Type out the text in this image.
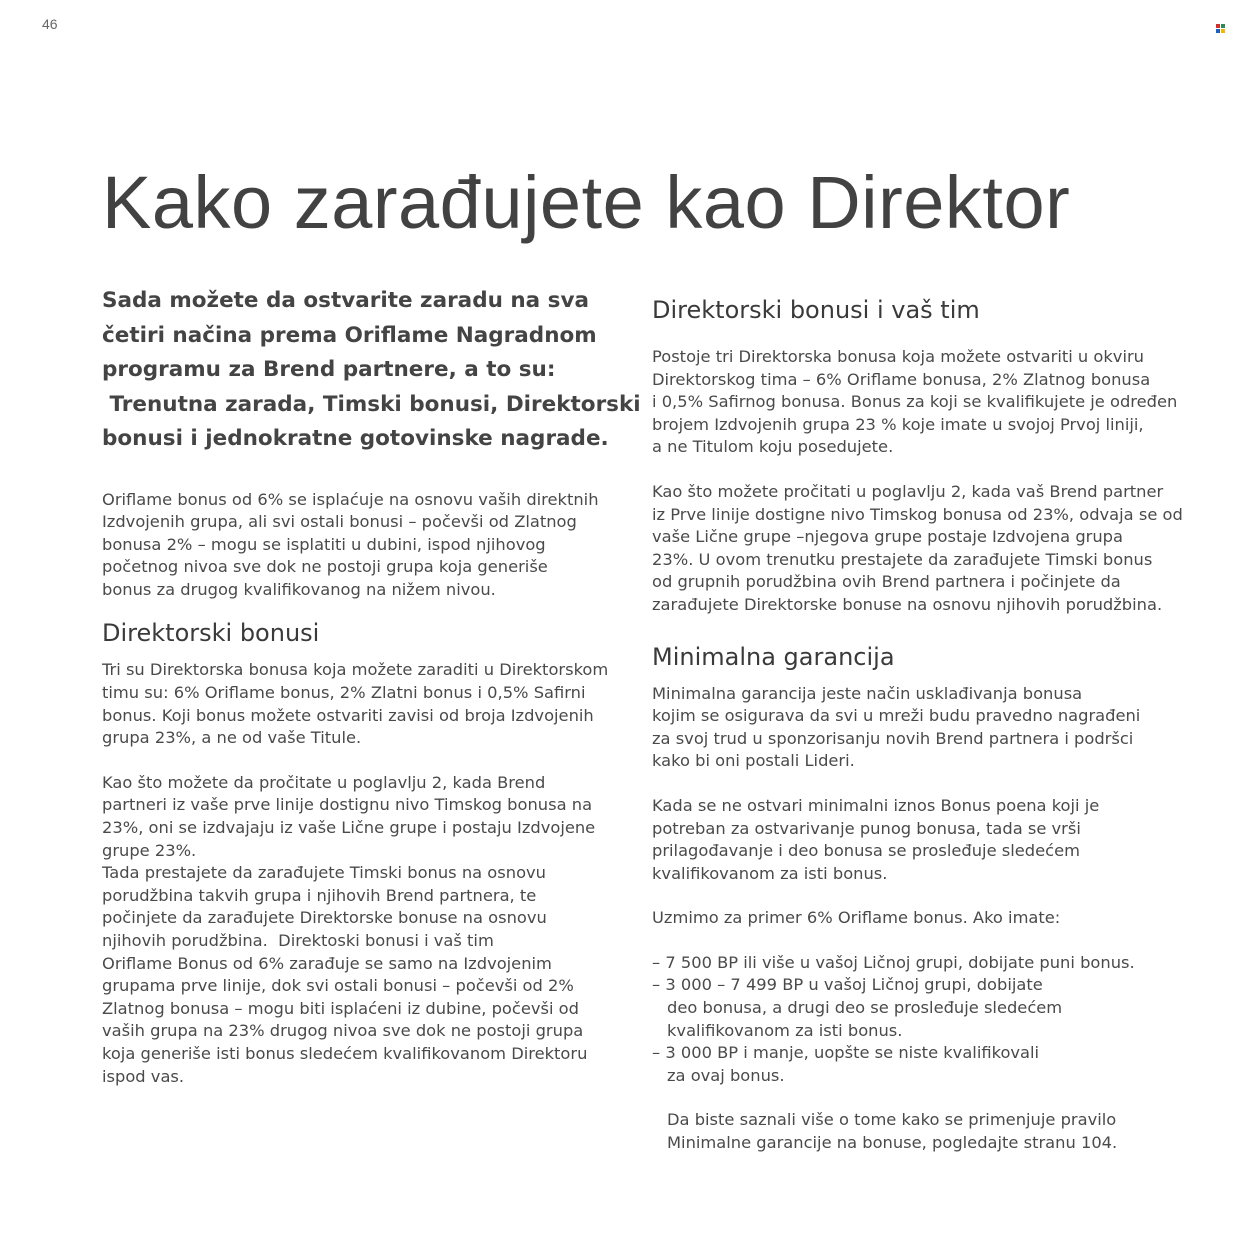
46
Kako zarađujete kao Direktor

Sada možete da ostvarite zaradu na sva
četiri načina prema Oriflame Nagradnom
programu za Brend partnere, a to su:
Trenutna zarada, Timski bonusi, Direktorski
bonusi i jednokratne gotovinske nagrade.

Oriflame bonus od 6% se isplaćuje na osnovu vaših direktnih
Izdvojenih grupa, ali svi ostali bonusi – počevši od Zlatnog
bonusa 2% – mogu se isplatiti u dubini, ispod njihovog
početnog nivoa sve dok ne postoji grupa koja generiše
bonus za drugog kvalifikovanog na nižem nivou.

Direktorski bonusi

Tri su Direktorska bonusa koja možete zaraditi u Direktorskom
timu su: 6% Oriflame bonus, 2% Zlatni bonus i 0,5% Safirni
bonus. Koji bonus možete ostvariti zavisi od broja Izdvojenih
grupa 23%, a ne od vaše Titule.

Kao što možete da pročitate u poglavlju 2, kada Brend
partneri iz vaše prve linije dostignu nivo Timskog bonusa na
23%, oni se izdvajaju iz vaše Lične grupe i postaju Izdvojene
grupe 23%.
Tada prestajete da zarađujete Timski bonus na osnovu
porudžbina takvih grupa i njihovih Brend partnera, te
počinjete da zarađujete Direktorske bonuse na osnovu
njihovih porudžbina.  Direktoski bonusi i vaš tim
Oriflame Bonus od 6% zarađuje se samo na Izdvojenim
grupama prve linije, dok svi ostali bonusi – počevši od 2%
Zlatnog bonusa – mogu biti isplaćeni iz dubine, počevši od
vaših grupa na 23% drugog nivoa sve dok ne postoji grupa
koja generiše isti bonus sledećem kvalifikovanom Direktoru
ispod vas.

Direktorski bonusi i vaš tim

Postoje tri Direktorska bonusa koja možete ostvariti u okviru
Direktorskog tima – 6% Oriflame bonusa, 2% Zlatnog bonusa
i 0,5% Safirnog bonusa. Bonus za koji se kvalifikujete je određen
brojem Izdvojenih grupa 23 % koje imate u svojoj Prvoj liniji,
a ne Titulom koju posedujete.

Kao što možete pročitati u poglavlju 2, kada vaš Brend partner
iz Prve linije dostigne nivo Timskog bonusa od 23%, odvaja se od
vaše Lične grupe –njegova grupe postaje Izdvojena grupa
23%. U ovom trenutku prestajete da zarađujete Timski bonus
od grupnih porudžbina ovih Brend partnera i počinjete da
zarađujete Direktorske bonuse na osnovu njihovih porudžbina.

Minimalna garancija

Minimalna garancija jeste način usklađivanja bonusa
kojim se osigurava da svi u mreži budu pravedno nagrađeni
za svoj trud u sponzorisanju novih Brend partnera i podršci
kako bi oni postali Lideri.

Kada se ne ostvari minimalni iznos Bonus poena koji je
potreban za ostvarivanje punog bonusa, tada se vrši
prilagođavanje i deo bonusa se prosleđuje sledećem
kvalifikovanom za isti bonus.

Uzmimo za primer 6% Oriflame bonus. Ako imate:

– 7 500 BP ili više u vašoj Ličnoj grupi, dobijate puni bonus.
– 3 000 – 7 499 BP u vašoj Ličnoj grupi, dobijate
deo bonusa, a drugi deo se prosleđuje sledećem
kvalifikovanom za isti bonus.
– 3 000 BP i manje, uopšte se niste kvalifikovali
za ovaj bonus.

Da biste saznali više o tome kako se primenjuje pravilo
Minimalne garancije na bonuse, pogledajte stranu 104.
